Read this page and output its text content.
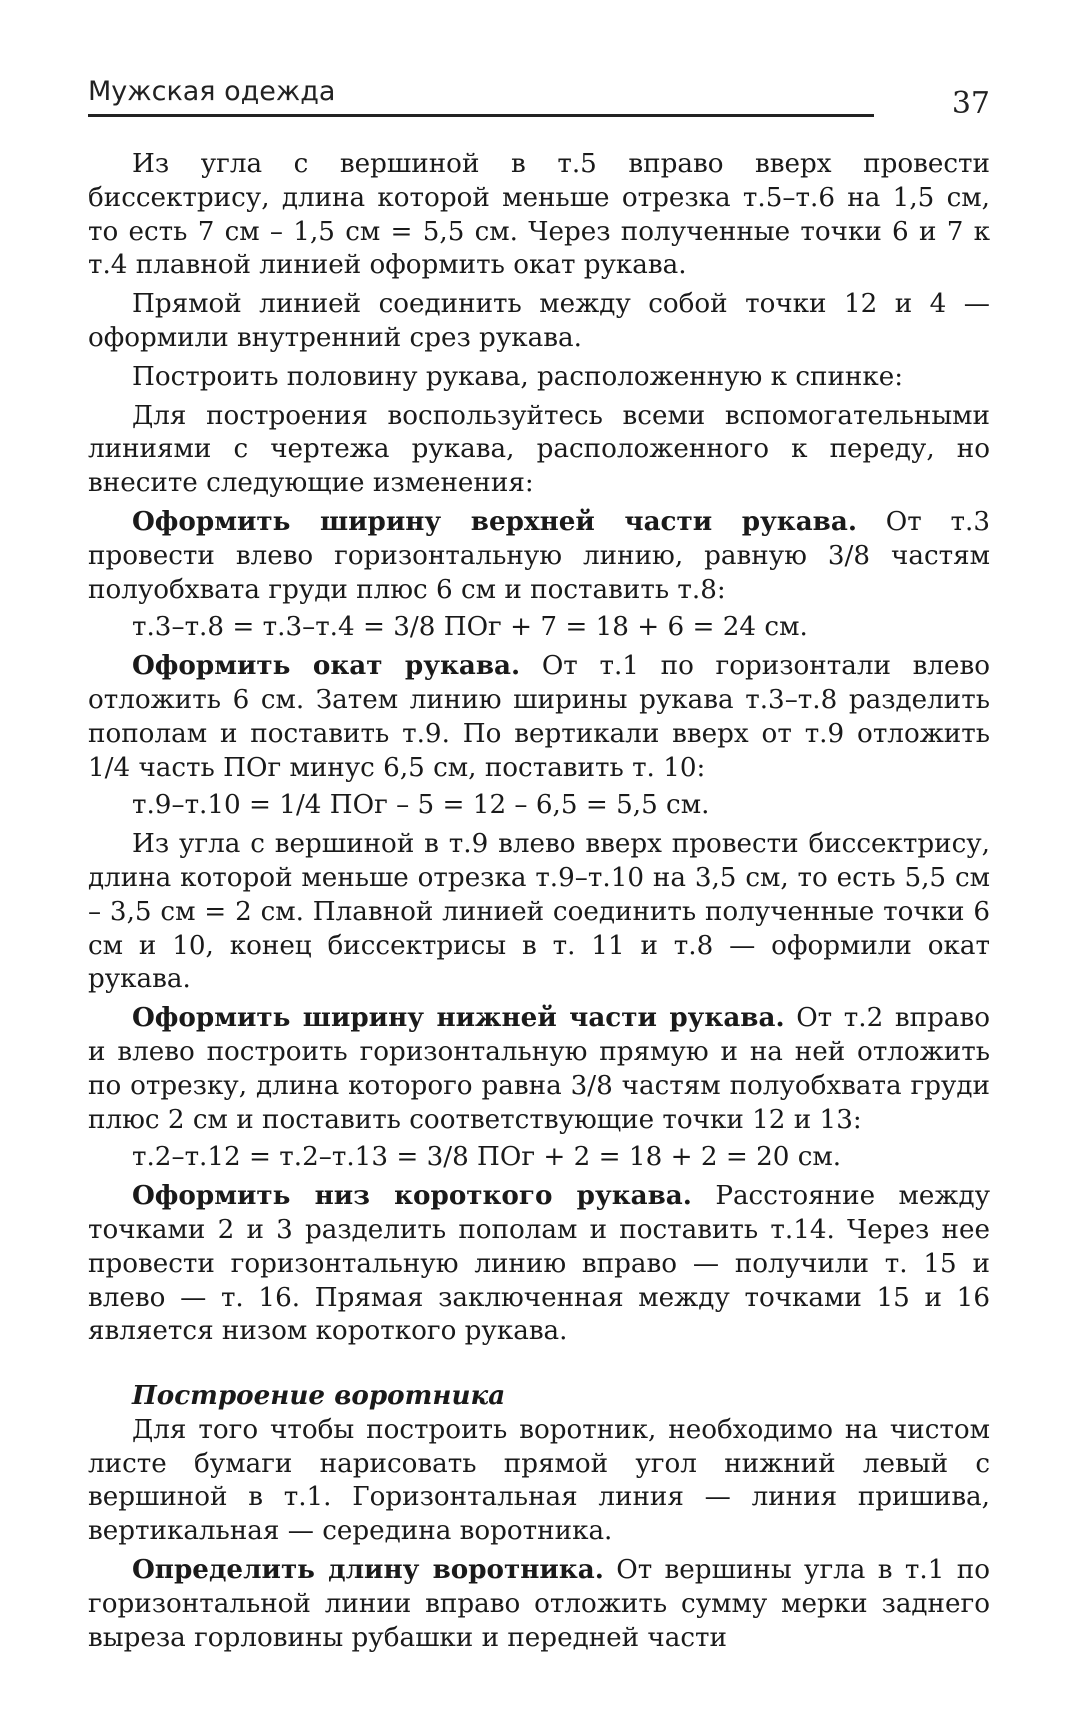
Мужская одежда	37

Из угла с вершиной в т.5 вправо вверх провести биссектрису, длина которой меньше отрезка т.5–т.6 на 1,5 см, то есть 7 см – 1,5 см = 5,5 см. Через полученные точки 6 и 7 к т.4 плавной линией оформить окат рукава.

Прямой линией соединить между собой точки 12 и 4 — оформили внутренний срез рукава.

Построить половину рукава, расположенную к спинке:

Для построения воспользуйтесь всеми вспомогательными линиями с чертежа рукава, расположенного к переду, но внесите следующие изменения:

Оформить ширину верхней части рукава. От т.3 провести влево горизонтальную линию, равную 3/8 частям полуобхвата груди плюс 6 см и поставить т.8:

т.3–т.8 = т.3–т.4 = 3/8 ПОг + 7 = 18 + 6 = 24 см.

Оформить окат рукава. От т.1 по горизонтали влево отложить 6 см. Затем линию ширины рукава т.3–т.8 разделить пополам и поставить т.9. По вертикали вверх от т.9 отложить 1/4 часть ПОг минус 6,5 см, поставить т. 10:

т.9–т.10 = 1/4 ПОг – 5 = 12 – 6,5 = 5,5 см.

Из угла с вершиной в т.9 влево вверх провести биссектрису, длина которой меньше отрезка т.9–т.10 на 3,5 см, то есть 5,5 см – 3,5 см = 2 см. Плавной линией соединить полученные точки 6 см и 10, конец биссектрисы в т. 11 и т.8 — оформили окат рукава.

Оформить ширину нижней части рукава. От т.2 вправо и влево построить горизонтальную прямую и на ней отложить по отрезку, длина которого равна 3/8 частям полуобхвата груди плюс 2 см и поставить соответствующие точки 12 и 13:

т.2–т.12 = т.2–т.13 = 3/8 ПОг + 2 = 18 + 2 = 20 см.

Оформить низ короткого рукава. Расстояние между точками 2 и 3 разделить пополам и поставить т.14. Через нее провести горизонтальную линию вправо — получили т. 15 и влево — т. 16. Прямая заключенная между точками 15 и 16 является низом короткого рукава.

Построение воротника

Для того чтобы построить воротник, необходимо на чистом листе бумаги нарисовать прямой угол нижний левый с вершиной в т.1. Горизонтальная линия — линия пришива, вертикальная — середина воротника.

Определить длину воротника. От вершины угла в т.1 по горизонтальной линии вправо отложить сумму мерки заднего выреза горловины рубашки и передней части
